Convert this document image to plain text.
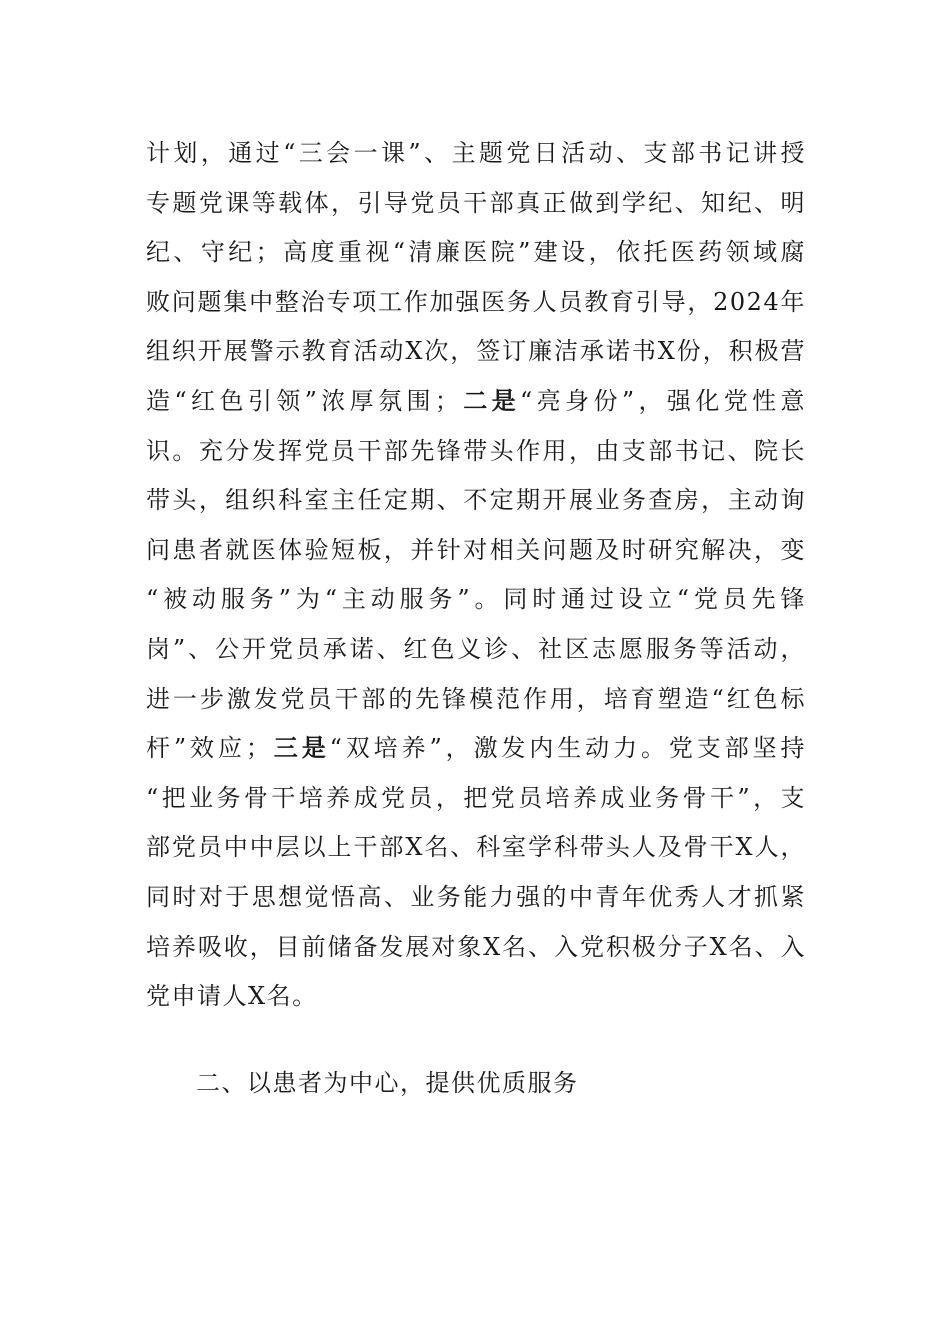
计划，通过“三会一课”、主题党日活动、支部书记讲授
专题党课等载体，引导党员干部真正做到学纪、知纪、明
纪、守纪；高度重视“清廉医院”建设，依托医药领域腐
败问题集中整治专项工作加强医务人员教育引导，2024年
组织开展警示教育活动X次，签订廉洁承诺书X份，积极营
造“红色引领”浓厚氛围；二是“亮身份”，强化党性意
识。充分发挥党员干部先锋带头作用，由支部书记、院长
带头，组织科室主任定期、不定期开展业务查房，主动询
问患者就医体验短板，并针对相关问题及时研究解决，变
“被动服务”为“主动服务”。同时通过设立“党员先锋
岗”、公开党员承诺、红色义诊、社区志愿服务等活动，
进一步激发党员干部的先锋模范作用，培育塑造“红色标
杆”效应；三是“双培养”，激发内生动力。党支部坚持
“把业务骨干培养成党员，把党员培养成业务骨干”，支
部党员中中层以上干部X名、科室学科带头人及骨干X人，
同时对于思想觉悟高、业务能力强的中青年优秀人才抓紧
培养吸收，目前储备发展对象X名、入党积极分子X名、入
党申请人X名。
二、以患者为中心，提供优质服务
